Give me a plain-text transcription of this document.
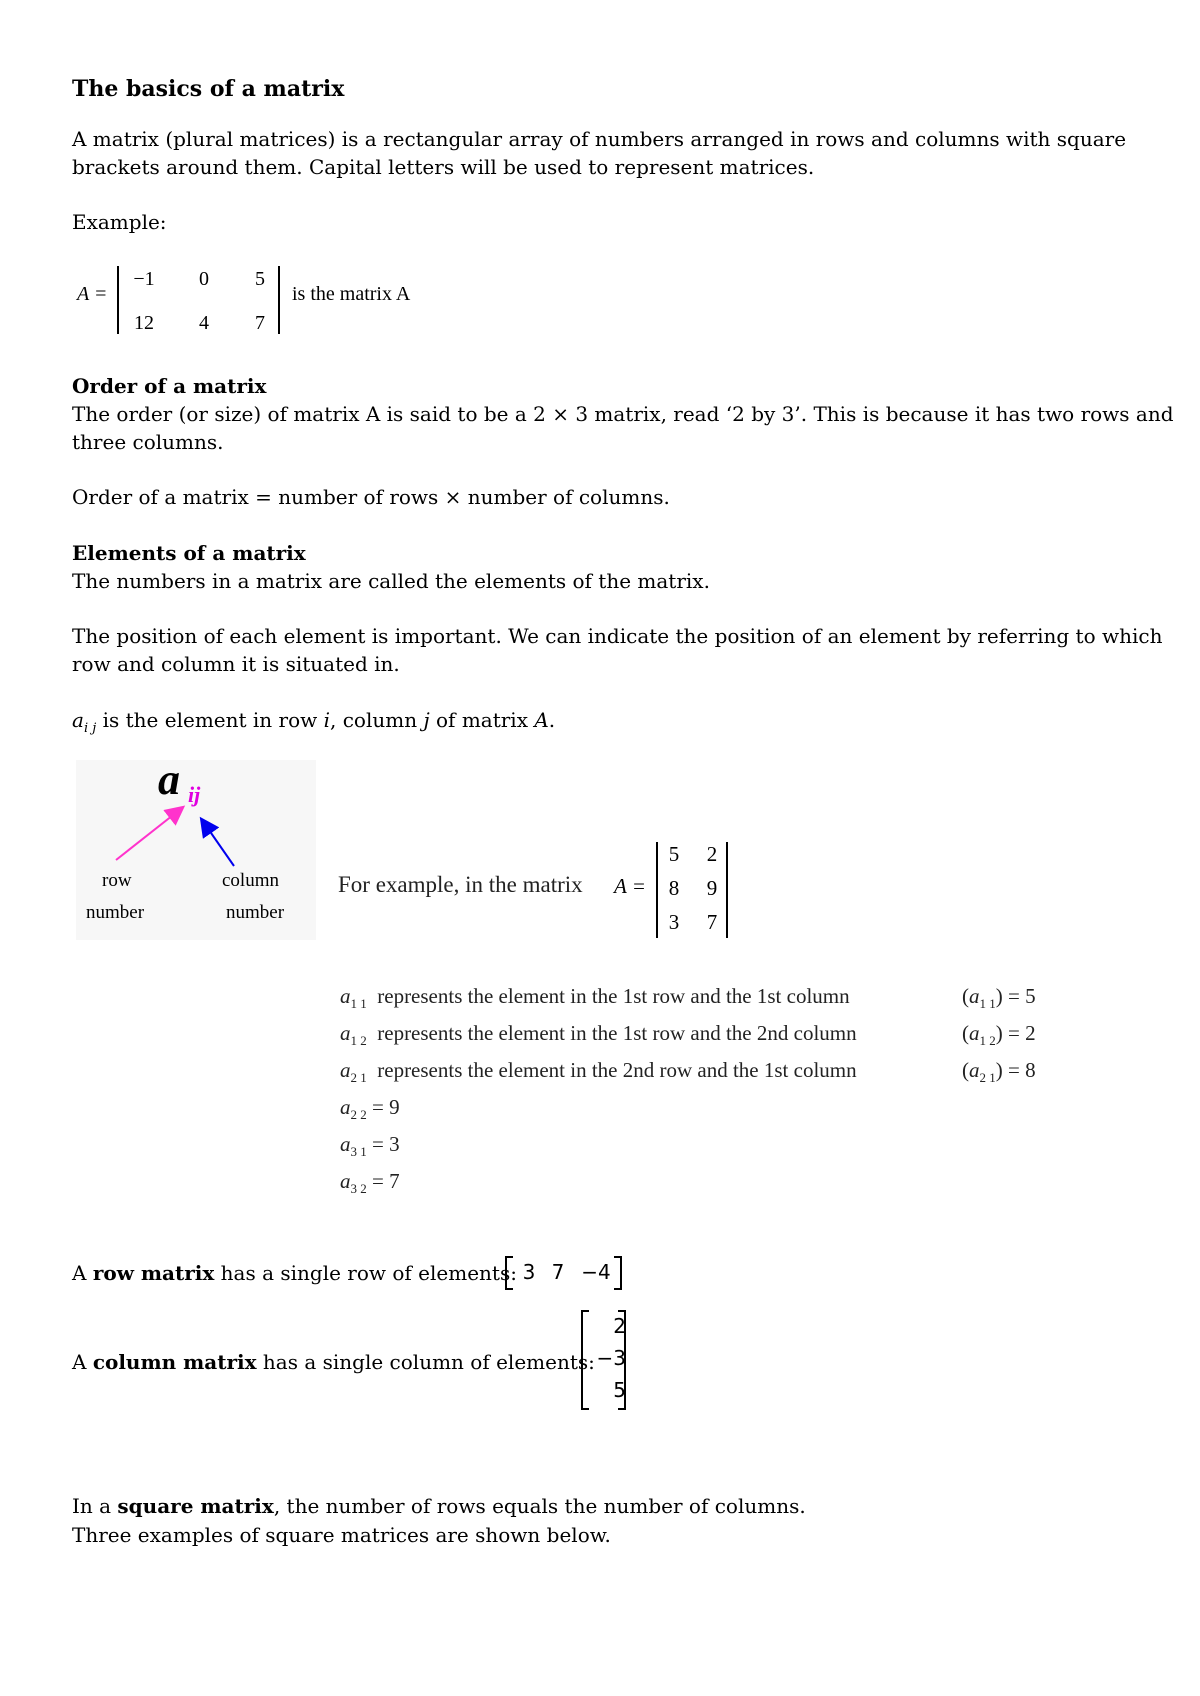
The basics of a matrix
A matrix (plural matrices) is a rectangular array of numbers arranged in rows and columns with square
brackets around them. Capital letters will be used to represent matrices.
Example:
A =
−1	0	5
12	4	7
is the matrix A
Order of a matrix
The order (or size) of matrix A is said to be a 2 × 3 matrix, read ‘2 by 3’. This is because it has two rows and
three columns.
Order of a matrix = number of rows × number of columns.
Elements of a matrix
The numbers in a matrix are called the elements of the matrix.
The position of each element is important. We can indicate the position of an element by referring to which
row and column it is situated in.
$a_{i j}$ is the element in row i, column j of matrix A.
a ij
row
number
column
number
For example, in the matrix A =
5	2
8	9
3	7
$a_{1 1}$ represents the element in the 1st row and the 1st column	$(a_{1 1}) = 5$
$a_{1 2}$ represents the element in the 1st row and the 2nd column	$(a_{1 2}) = 2$
$a_{2 1}$ represents the element in the 2nd row and the 1st column	$(a_{2 1}) = 8$
$a_{2 2} = 9$
$a_{3 1} = 3$
$a_{3 2} = 7$
A row matrix has a single row of elements: 3 7 −4
A column matrix has a single column of elements:
2
−3
5
In a square matrix, the number of rows equals the number of columns.
Three examples of square matrices are shown below.
